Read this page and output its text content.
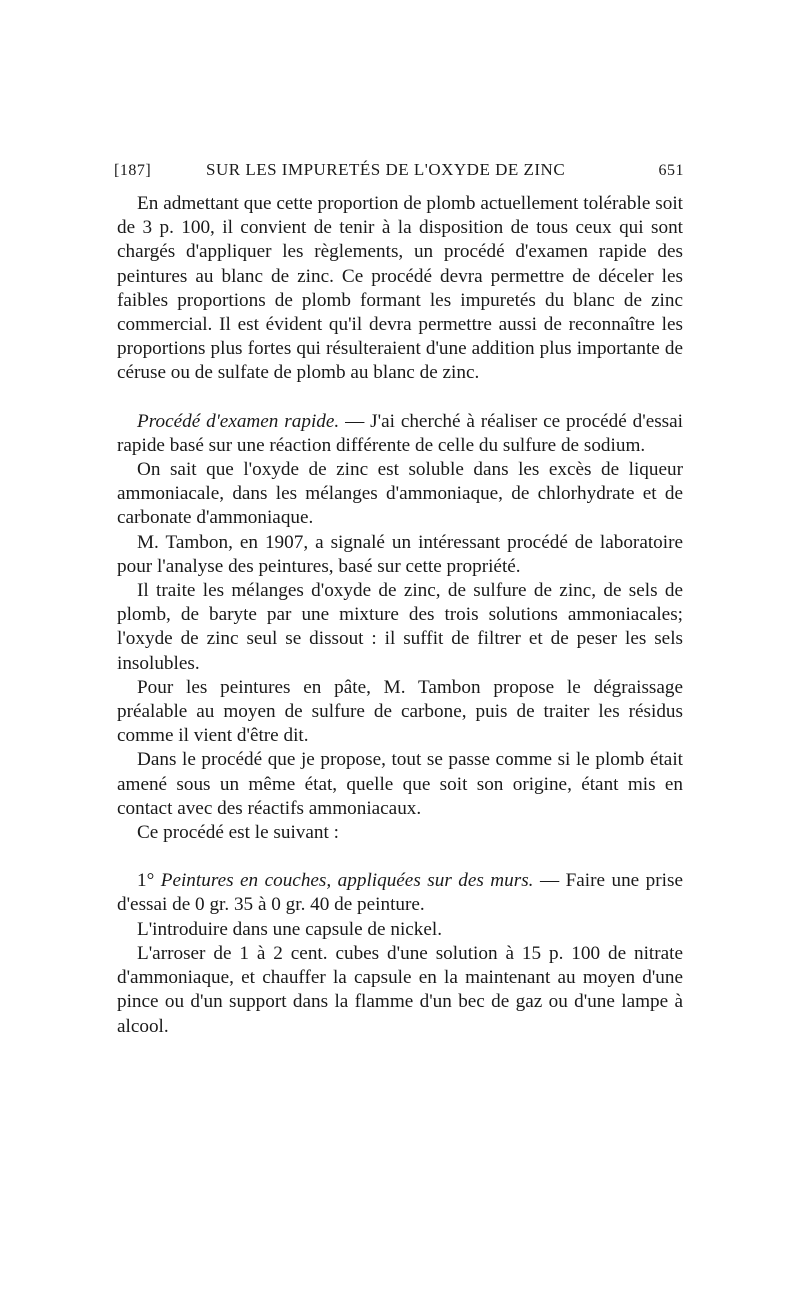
[187]	SUR LES IMPURETÉS DE L'OXYDE DE ZINC	651

En admettant que cette proportion de plomb actuellement tolérable soit de 3 p. 100, il convient de tenir à la disposition de tous ceux qui sont chargés d'appliquer les règlements, un procédé d'examen rapide des peintures au blanc de zinc. Ce procédé devra permettre de déceler les faibles proportions de plomb formant les impuretés du blanc de zinc commercial. Il est évident qu'il devra permettre aussi de reconnaître les proportions plus fortes qui résulteraient d'une addition plus importante de céruse ou de sulfate de plomb au blanc de zinc.

Procédé d'examen rapide. — J'ai cherché à réaliser ce procédé d'essai rapide basé sur une réaction différente de celle du sulfure de sodium.

On sait que l'oxyde de zinc est soluble dans les excès de liqueur ammoniacale, dans les mélanges d'ammoniaque, de chlorhydrate et de carbonate d'ammoniaque.

M. Tambon, en 1907, a signalé un intéressant procédé de laboratoire pour l'analyse des peintures, basé sur cette propriété.

Il traite les mélanges d'oxyde de zinc, de sulfure de zinc, de sels de plomb, de baryte par une mixture des trois solutions ammoniacales; l'oxyde de zinc seul se dissout : il suffit de filtrer et de peser les sels insolubles.

Pour les peintures en pâte, M. Tambon propose le dégraissage préalable au moyen de sulfure de carbone, puis de traiter les résidus comme il vient d'être dit.

Dans le procédé que je propose, tout se passe comme si le plomb était amené sous un même état, quelle que soit son origine, étant mis en contact avec des réactifs ammoniacaux.

Ce procédé est le suivant :

1° Peintures en couches, appliquées sur des murs. — Faire une prise d'essai de 0 gr. 35 à 0 gr. 40 de peinture.

L'introduire dans une capsule de nickel.

L'arroser de 1 à 2 cent. cubes d'une solution à 15 p. 100 de nitrate d'ammoniaque, et chauffer la capsule en la maintenant au moyen d'une pince ou d'un support dans la flamme d'un bec de gaz ou d'une lampe à alcool.
